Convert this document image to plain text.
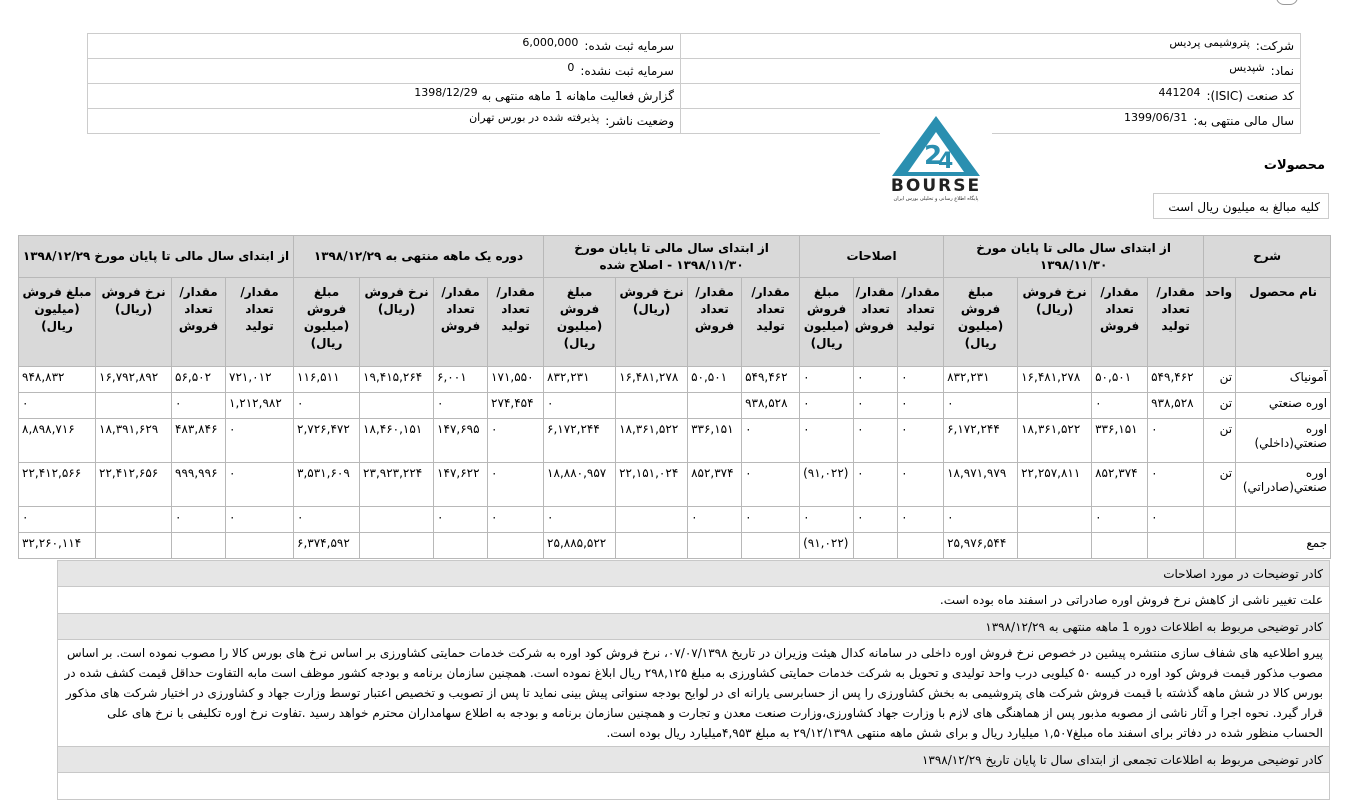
شرکت:پتروشیمی پردیس	سرمایه ثبت شده:6,000,000
نماد:شپدیس	سرمایه ثبت نشده:0
کد صنعت (ISIC):441204	گزارش فعالیت ماهانه 1 ماهه منتهی به 1398/12/29
سال مالی منتهی به:1399/06/31	وضعیت ناشر:پذیرفته شده در بورس تهران
2
4
BOURSE
پایگاه اطلاع رسانی و تحلیلی بورس ایران
محصولات
کلیه مبالغ به میلیون ریال است
شرح		از ابتدای سال مالی تا پایان مورخ ۱۳۹۸/۱۱/۳۰				اصلاحات			از ابتدای سال مالی تا پایان مورخ ۱۳۹۸/۱۱/۳۰ - اصلاح شده				دوره یک ماهه منتهی به ۱۳۹۸/۱۲/۲۹				از ابتدای سال مالی تا پایان مورخ ۱۳۹۸/۱۲/۲۹			
نام محصول	واحد	مقدار/ تعداد تولید	مقدار/ تعداد فروش	نرخ فروش (ریال)	مبلغ فروش (میلیون ریال)	مقدار/ تعداد تولید	مقدار/ تعداد فروش	مبلغ فروش (میلیون ریال)	مقدار/ تعداد تولید	مقدار/ تعداد فروش	نرخ فروش (ریال)	مبلغ فروش (میلیون ریال)	مقدار/ تعداد تولید	مقدار/ تعداد فروش	نرخ فروش (ریال)	مبلغ فروش (میلیون ریال)	مقدار/ تعداد تولید	مقدار/ تعداد فروش	نرخ فروش (ریال)	مبلغ فروش (میلیون ریال)
آمونیاک	تن	۵۴۹,۴۶۲	۵۰,۵۰۱	۱۶,۴۸۱,۲۷۸	۸۳۲,۲۳۱	۰	۰	۰	۵۴۹,۴۶۲	۵۰,۵۰۱	۱۶,۴۸۱,۲۷۸	۸۳۲,۲۳۱	۱۷۱,۵۵۰	۶,۰۰۱	۱۹,۴۱۵,۲۶۴	۱۱۶,۵۱۱	۷۲۱,۰۱۲	۵۶,۵۰۲	۱۶,۷۹۲,۸۹۲	۹۴۸,۸۳۲
اوره صنعتي	تن	۹۳۸,۵۲۸	۰		۰	۰	۰	۰	۹۳۸,۵۲۸			۰	۲۷۴,۴۵۴	۰		۰	۱,۲۱۲,۹۸۲	۰		۰
اوره صنعتي(داخلي)	تن	۰	۳۳۶,۱۵۱	۱۸,۳۶۱,۵۲۲	۶,۱۷۲,۲۴۴	۰	۰	۰	۰	۳۳۶,۱۵۱	۱۸,۳۶۱,۵۲۲	۶,۱۷۲,۲۴۴	۰	۱۴۷,۶۹۵	۱۸,۴۶۰,۱۵۱	۲,۷۲۶,۴۷۲	۰	۴۸۳,۸۴۶	۱۸,۳۹۱,۶۲۹	۸,۸۹۸,۷۱۶
اوره صنعتي(صادراتي)	تن	۰	۸۵۲,۳۷۴	۲۲,۲۵۷,۸۱۱	۱۸,۹۷۱,۹۷۹	۰	۰	(۹۱,۰۲۲)	۰	۸۵۲,۳۷۴	۲۲,۱۵۱,۰۲۴	۱۸,۸۸۰,۹۵۷	۰	۱۴۷,۶۲۲	۲۳,۹۲۳,۲۲۴	۳,۵۳۱,۶۰۹	۰	۹۹۹,۹۹۶	۲۲,۴۱۲,۶۵۶	۲۲,۴۱۲,۵۶۶
		۰	۰		۰	۰	۰	۰	۰	۰		۰	۰	۰		۰	۰	۰		۰
جمع					۲۵,۹۷۶,۵۴۴			(۹۱,۰۲۲)				۲۵,۸۸۵,۵۲۲				۶,۳۷۴,۵۹۲				۳۲,۲۶۰,۱۱۴
کادر توضیحات در مورد اصلاحات
علت تغییر ناشی از کاهش نرخ فروش اوره صادراتی در اسفند ماه بوده است.
کادر توضیحی مربوط به اطلاعات دوره 1 ماهه منتهی به ۱۳۹۸/۱۲/۲۹
پیرو اطلاعیه های شفاف سازی منتشره پیشین در خصوص نرخ فروش اوره داخلی در سامانه کدال هیئت وزیران در تاریخ ۰۷/۰۷/۱۳۹۸، نرخ فروش کود اوره به شرکت خدمات حمایتی کشاورزی بر اساس نرخ های بورس کالا را مصوب نموده است. بر اساس مصوب مذکور قیمت فروش کود اوره در کیسه ۵۰ کیلویی درب واحد تولیدی و تحویل به شرکت خدمات حمایتی کشاورزی به مبلغ ۲۹۸,۱۲۵ ریال ابلاغ نموده است. همچنین سازمان برنامه و بودجه کشور موظف است مابه التفاوت حداقل قیمت کشف شده در بورس کالا در شش ماهه گذشته با قیمت فروش شرکت های پتروشیمی به بخش کشاورزی را پس از حسابرسی یارانه ای در لوایح بودجه سنواتی پیش بینی نماید تا پس از تصویب و تخصیص اعتبار توسط وزارت جهاد و کشاورزی در اختیار شرکت های مذکور قرار گیرد. نحوه اجرا و آثار ناشی از مصوبه مذبور پس از هماهنگی های لازم با وزارت جهاد کشاورزی،وزارت صنعت معدن و تجارت و همچنین سازمان برنامه و بودجه به اطلاع سهامداران محترم خواهد رسید .تفاوت نرخ اوره تکلیفی با نرخ های علی الحساب منظور شده در دفاتر برای اسفند ماه مبلغ۱,۵۰۷ میلیارد ریال و برای شش ماهه منتهی ۲۹/۱۲/۱۳۹۸ به مبلغ ۴,۹۵۳میلیارد ریال بوده است.
کادر توضیحی مربوط به اطلاعات تجمعی از ابتدای سال تا پایان تاریخ ۱۳۹۸/۱۲/۲۹
